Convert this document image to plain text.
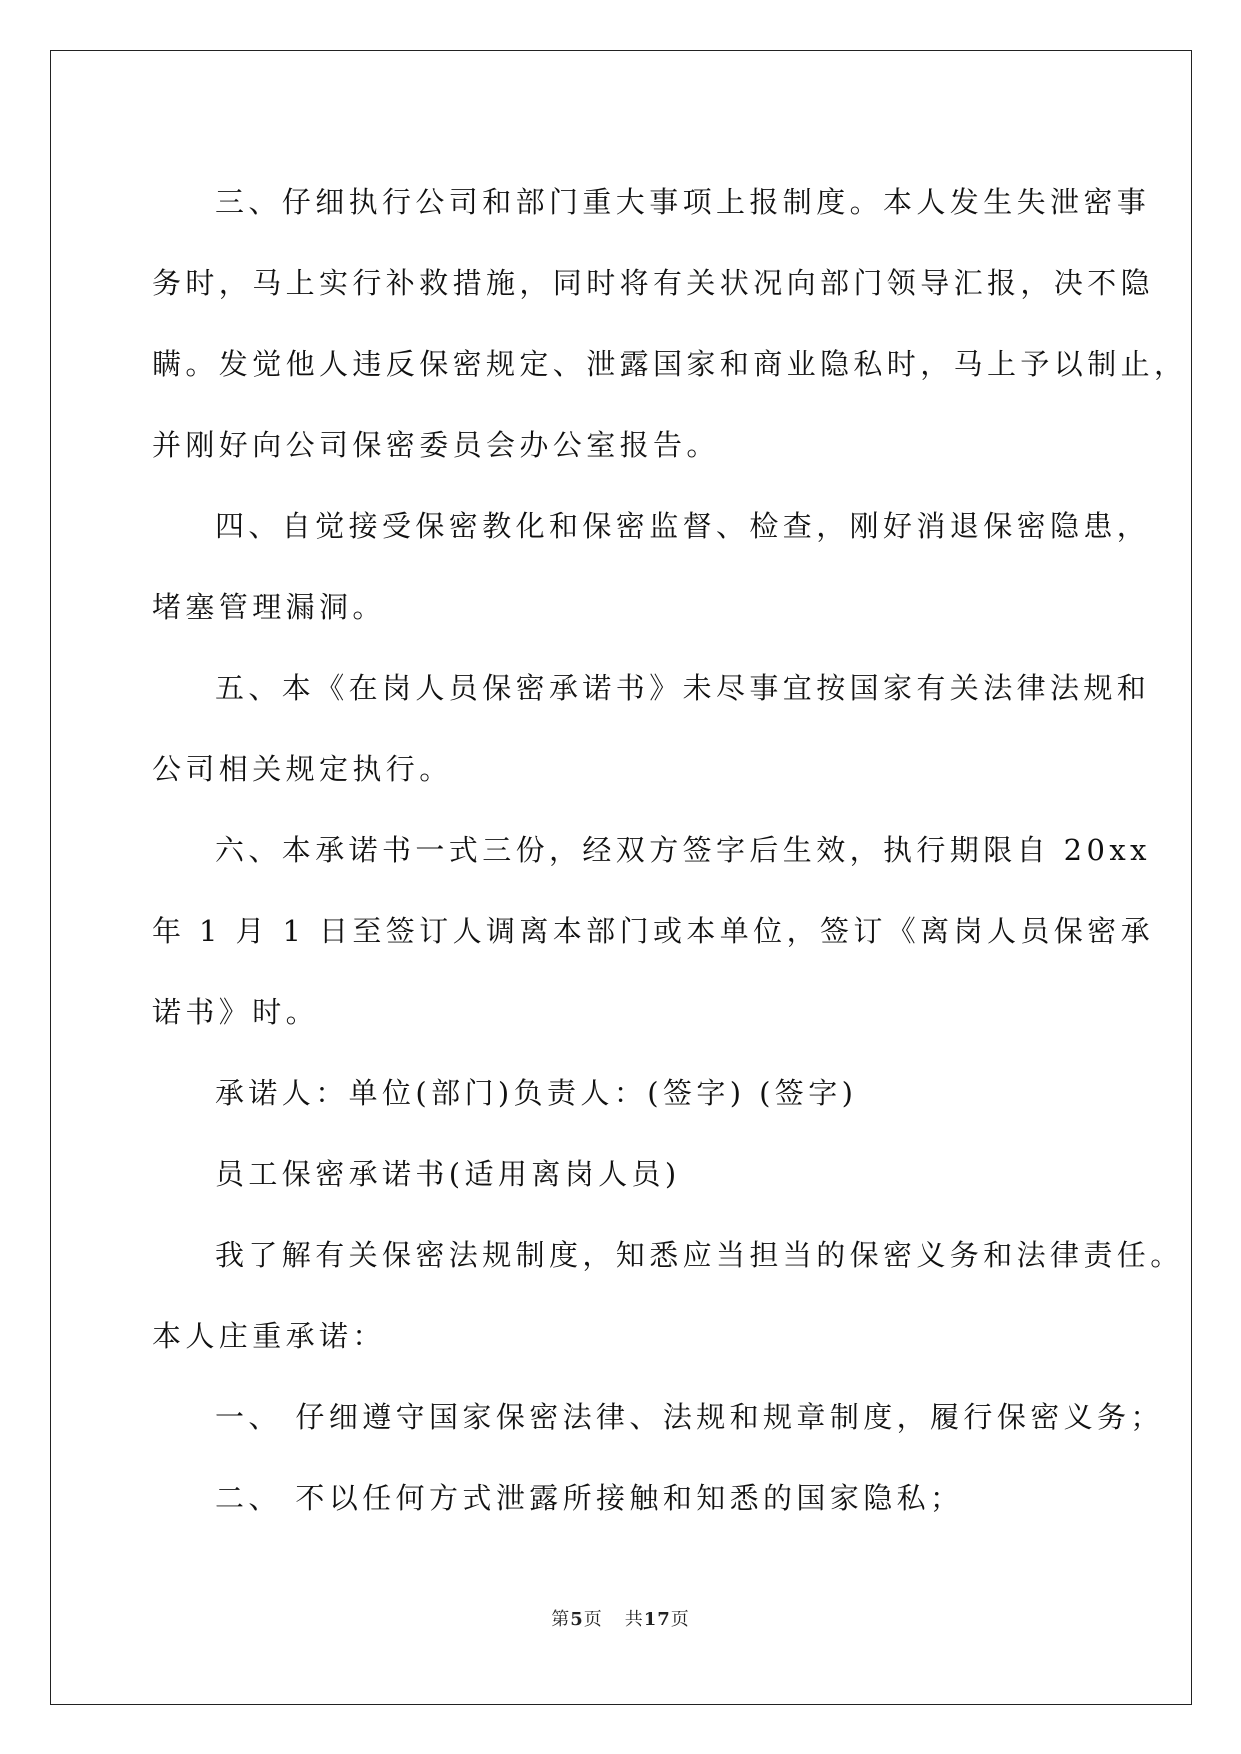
三、仔细执行公司和部门重大事项上报制度。本人发生失泄密事

务时，马上实行补救措施，同时将有关状况向部门领导汇报，决不隐

瞒。发觉他人违反保密规定、泄露国家和商业隐私时，马上予以制止，

并刚好向公司保密委员会办公室报告。

四、自觉接受保密教化和保密监督、检查，刚好消退保密隐患，

堵塞管理漏洞。

五、本《在岗人员保密承诺书》未尽事宜按国家有关法律法规和

公司相关规定执行。

六、本承诺书一式三份，经双方签字后生效，执行期限自 20xx

年 1 月 1 日至签订人调离本部门或本单位，签订《离岗人员保密承

诺书》时。

承诺人：单位(部门)负责人：(签字) (签字)

员工保密承诺书(适用离岗人员)

我了解有关保密法规制度，知悉应当担当的保密义务和法律责任。

本人庄重承诺：

一、 仔细遵守国家保密法律、法规和规章制度，履行保密义务；

二、 不以任何方式泄露所接触和知悉的国家隐私；

第5页 共17页
